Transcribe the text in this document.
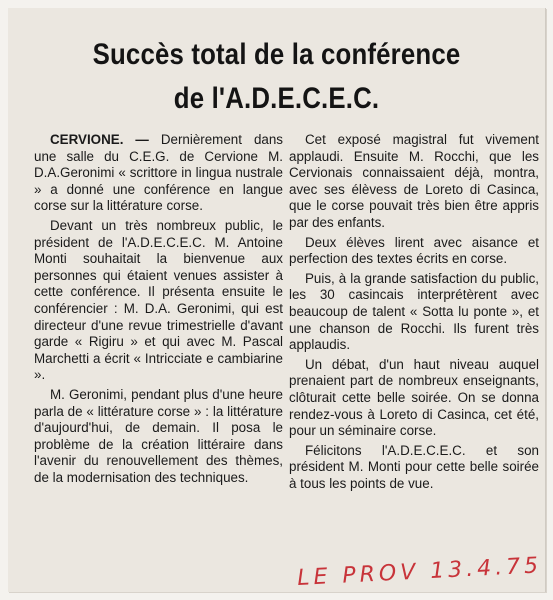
Succès total de la conférence
de l'A.D.E.C.E.C.

CERVIONE. — Dernièrement dans une salle du C.E.G. de Cervione M. D.A.Geronimi « scrittore in lingua nustrale » a donné une conférence en langue corse sur la littérature corse.

Devant un très nombreux public, le président de l'A.D.E.C.E.C. M. Antoine Monti souhaitait la bienvenue aux personnes qui étaient venues assister à cette conférence. Il présenta ensuite le conférencier : M. D.A. Geronimi, qui est directeur d'une revue trimestrielle d'avant garde « Rigiru » et qui avec M. Pascal Marchetti a écrit « Intricciate e cambiarine ».

M. Geronimi, pendant plus d'une heure parla de « littérature corse » : la littérature d'aujourd'hui, de demain. Il posa le problème de la création littéraire dans l'avenir du renouvellement des thèmes, de la modernisation des techniques.

Cet exposé magistral fut vivement applaudi. Ensuite M. Rocchi, que les Cervionais connaissaient déjà, montra, avec ses élèvess de Loreto di Casinca, que le corse pouvait très bien être appris par des enfants.

Deux élèves lirent avec aisance et perfection des textes écrits en corse.

Puis, à la grande satisfaction du public, les 30 casincais interprétèrent avec beaucoup de talent « Sotta lu ponte », et une chanson de Rocchi. Ils furent très applaudis.

Un débat, d'un haut niveau auquel prenaient part de nombreux enseignants, clôturait cette belle soirée. On se donna rendez-vous à Loreto di Casinca, cet été, pour un séminaire corse.

Félicitons l'A.D.E.C.E.C. et son président M. Monti pour cette belle soirée à tous les points de vue.

LE PROV 13.4.75
